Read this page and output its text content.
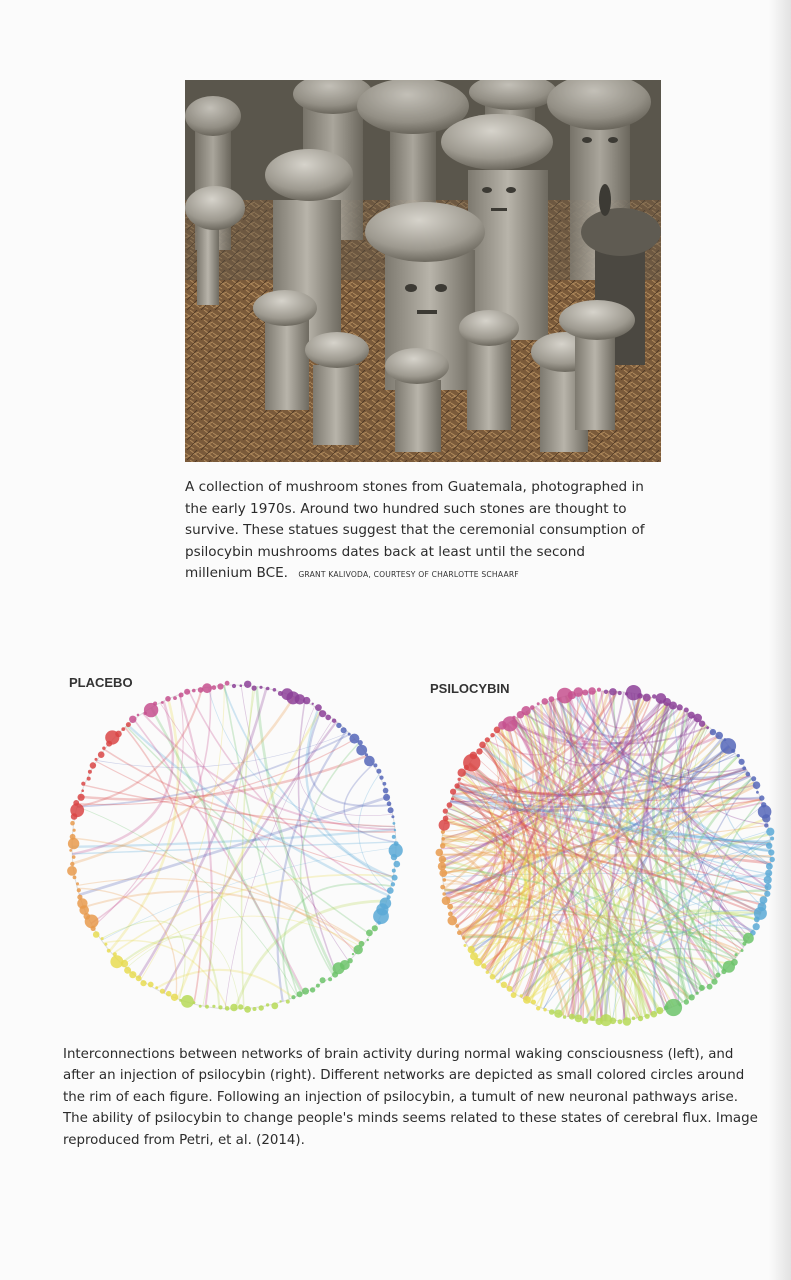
A collection of mushroom stones from Guatemala, photographed in the early 1970s. Around two hundred such stones are thought to survive. These statues suggest that the ceremonial consumption of psilocybin mushrooms dates back at least until the second millenium BCE. GRANT KALIVODA, COURTESY OF CHARLOTTE SCHAARF
PLACEBO	PSILOCYBIN
Interconnections between networks of brain activity during normal waking consciousness (left), and after an injection of psilocybin (right). Different networks are depicted as small colored circles around the rim of each figure. Following an injection of psilocybin, a tumult of new neuronal pathways arise. The ability of psilocybin to change people's minds seems related to these states of cerebral flux. Image reproduced from Petri, et al. (2014).
